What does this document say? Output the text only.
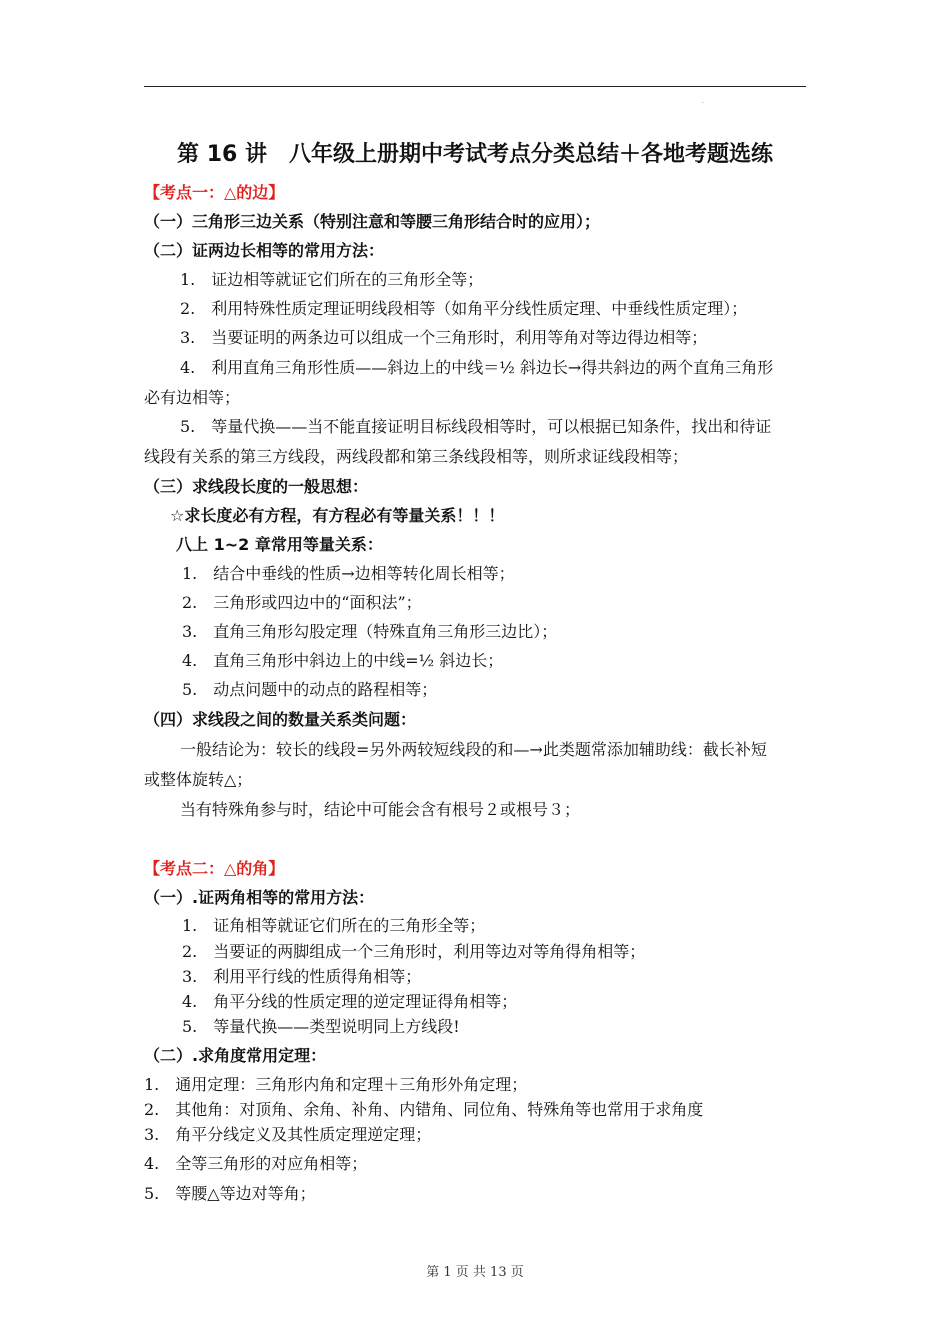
·
第 16 讲　八年级上册期中考试考点分类总结＋各地考题选练
【考点一：△的边】
（一）三角形三边关系（特别注意和等腰三角形结合时的应用）；
（二）证两边长相等的常用方法：
1.　证边相等就证它们所在的三角形全等；
2.　利用特殊性质定理证明线段相等（如角平分线性质定理、中垂线性质定理）；
3.　当要证明的两条边可以组成一个三角形时，利用等角对等边得边相等；
4.　利用直角三角形性质——斜边上的中线＝½ 斜边长→得共斜边的两个直角三角形
必有边相等；
5.　等量代换——当不能直接证明目标线段相等时，可以根据已知条件，找出和待证
线段有关系的第三方线段，两线段都和第三条线段相等，则所求证线段相等；
（三）求线段长度的一般思想：
☆求长度必有方程，有方程必有等量关系！！！
八上 1~2 章常用等量关系：
1.　结合中垂线的性质→边相等转化周长相等；
2.　三角形或四边中的“面积法”；
3.　直角三角形勾股定理（特殊直角三角形三边比）；
4.　直角三角形中斜边上的中线=½ 斜边长；
5.　动点问题中的动点的路程相等；
（四）求线段之间的数量关系类问题：
一般结论为：较长的线段=另外两较短线段的和—→此类题常添加辅助线：截长补短
或整体旋转△；
当有特殊角参与时，结论中可能会含有根号２或根号３；
【考点二：△的角】
（一）.证两角相等的常用方法：
1.　证角相等就证它们所在的三角形全等；
2.　当要证的两脚组成一个三角形时，利用等边对等角得角相等；
3.　利用平行线的性质得角相等；
4.　角平分线的性质定理的逆定理证得角相等；
5.　等量代换——类型说明同上方线段!
（二）.求角度常用定理：
1.　通用定理：三角形内角和定理＋三角形外角定理；
2.　其他角：对顶角、余角、补角、内错角、同位角、特殊角等也常用于求角度
3.　角平分线定义及其性质定理逆定理；
4.　全等三角形的对应角相等；
5.　等腰△等边对等角；
第 1 页 共 13 页
